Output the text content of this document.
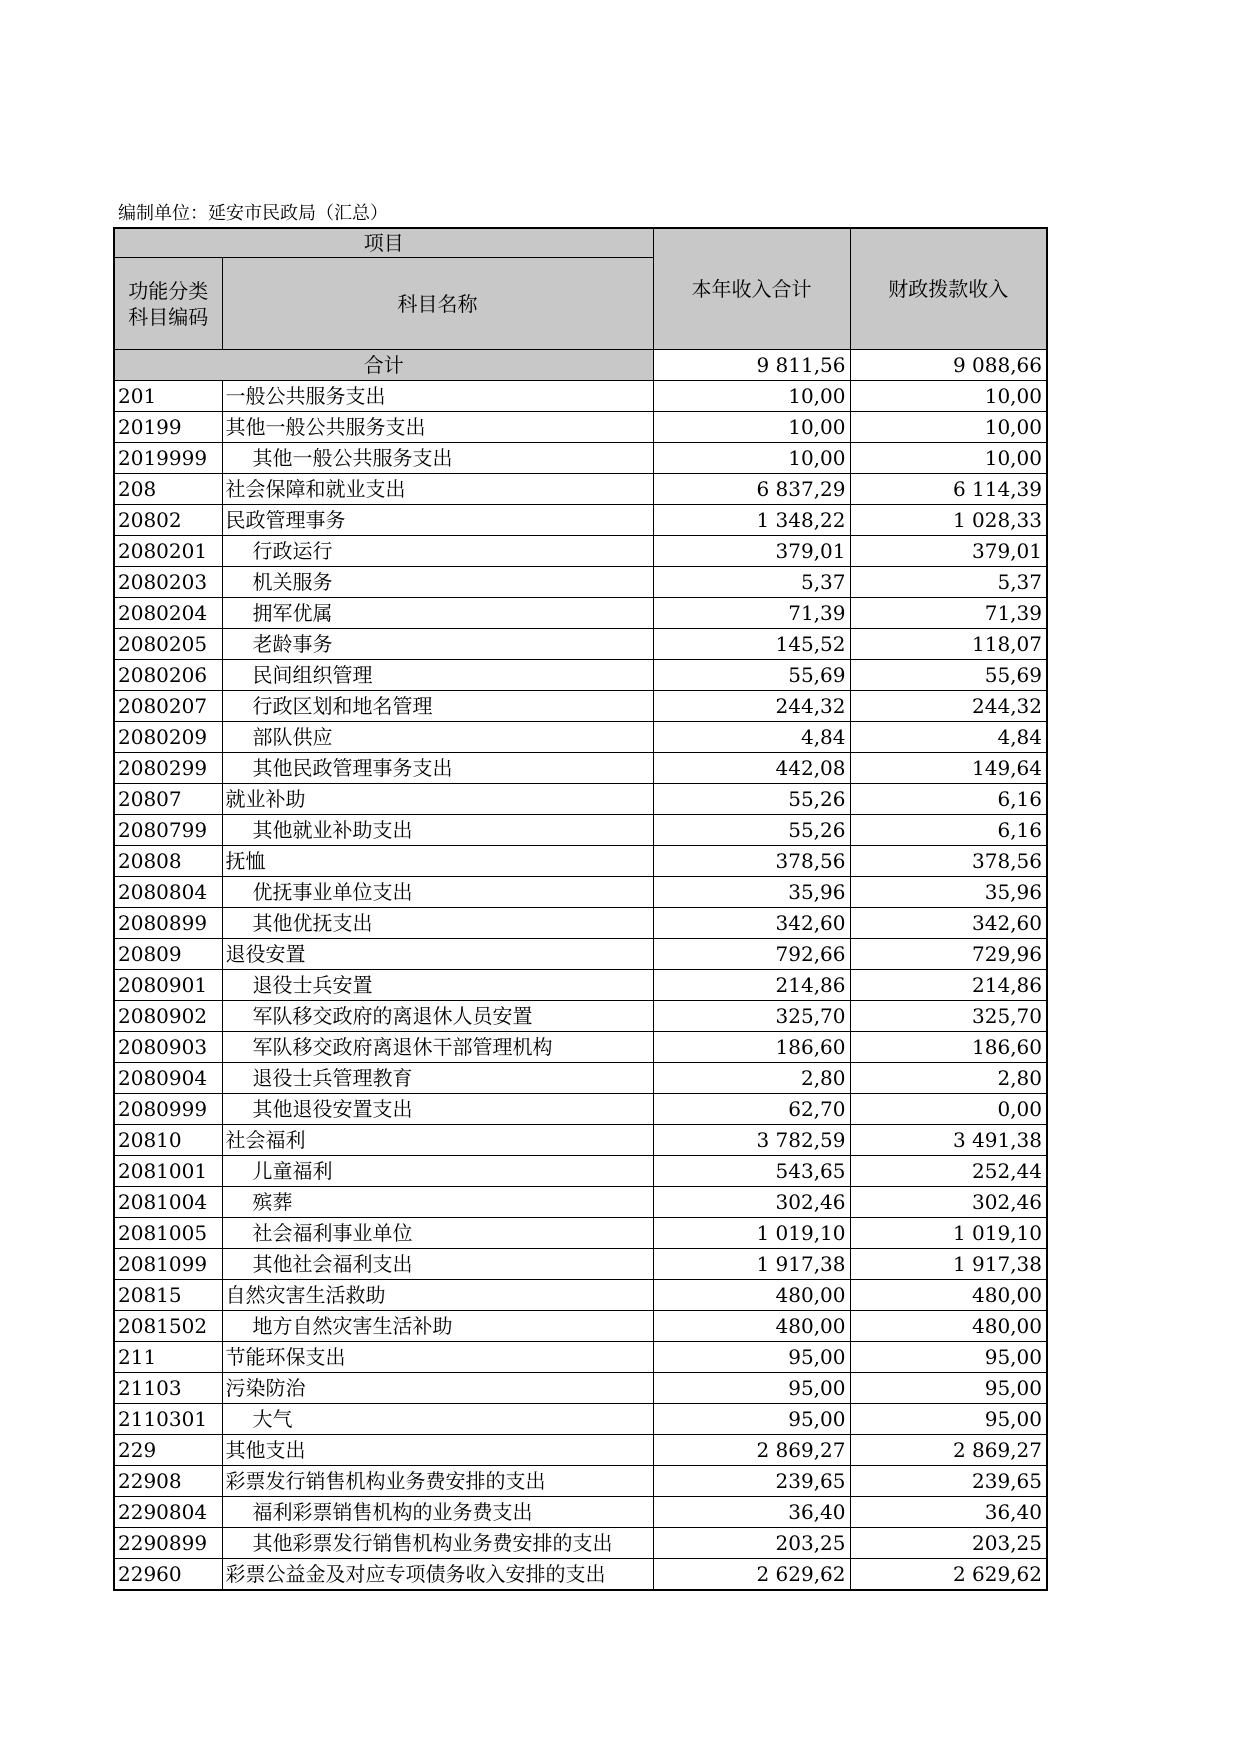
编制单位：延安市民政局（汇总）
项目		本年收入合计	财政拨款收入
功能分类
科目编码	科目名称		
合计		9 811,56	9 088,66
201	一般公共服务支出	10,00	10,00
20199	其他一般公共服务支出	10,00	10,00
2019999	其他一般公共服务支出	10,00	10,00
208	社会保障和就业支出	6 837,29	6 114,39
20802	民政管理事务	1 348,22	1 028,33
2080201	行政运行	379,01	379,01
2080203	机关服务	5,37	5,37
2080204	拥军优属	71,39	71,39
2080205	老龄事务	145,52	118,07
2080206	民间组织管理	55,69	55,69
2080207	行政区划和地名管理	244,32	244,32
2080209	部队供应	4,84	4,84
2080299	其他民政管理事务支出	442,08	149,64
20807	就业补助	55,26	6,16
2080799	其他就业补助支出	55,26	6,16
20808	抚恤	378,56	378,56
2080804	优抚事业单位支出	35,96	35,96
2080899	其他优抚支出	342,60	342,60
20809	退役安置	792,66	729,96
2080901	退役士兵安置	214,86	214,86
2080902	军队移交政府的离退休人员安置	325,70	325,70
2080903	军队移交政府离退休干部管理机构	186,60	186,60
2080904	退役士兵管理教育	2,80	2,80
2080999	其他退役安置支出	62,70	0,00
20810	社会福利	3 782,59	3 491,38
2081001	儿童福利	543,65	252,44
2081004	殡葬	302,46	302,46
2081005	社会福利事业单位	1 019,10	1 019,10
2081099	其他社会福利支出	1 917,38	1 917,38
20815	自然灾害生活救助	480,00	480,00
2081502	地方自然灾害生活补助	480,00	480,00
211	节能环保支出	95,00	95,00
21103	污染防治	95,00	95,00
2110301	大气	95,00	95,00
229	其他支出	2 869,27	2 869,27
22908	彩票发行销售机构业务费安排的支出	239,65	239,65
2290804	福利彩票销售机构的业务费支出	36,40	36,40
2290899	其他彩票发行销售机构业务费安排的支出	203,25	203,25
22960	彩票公益金及对应专项债务收入安排的支出	2 629,62	2 629,62
